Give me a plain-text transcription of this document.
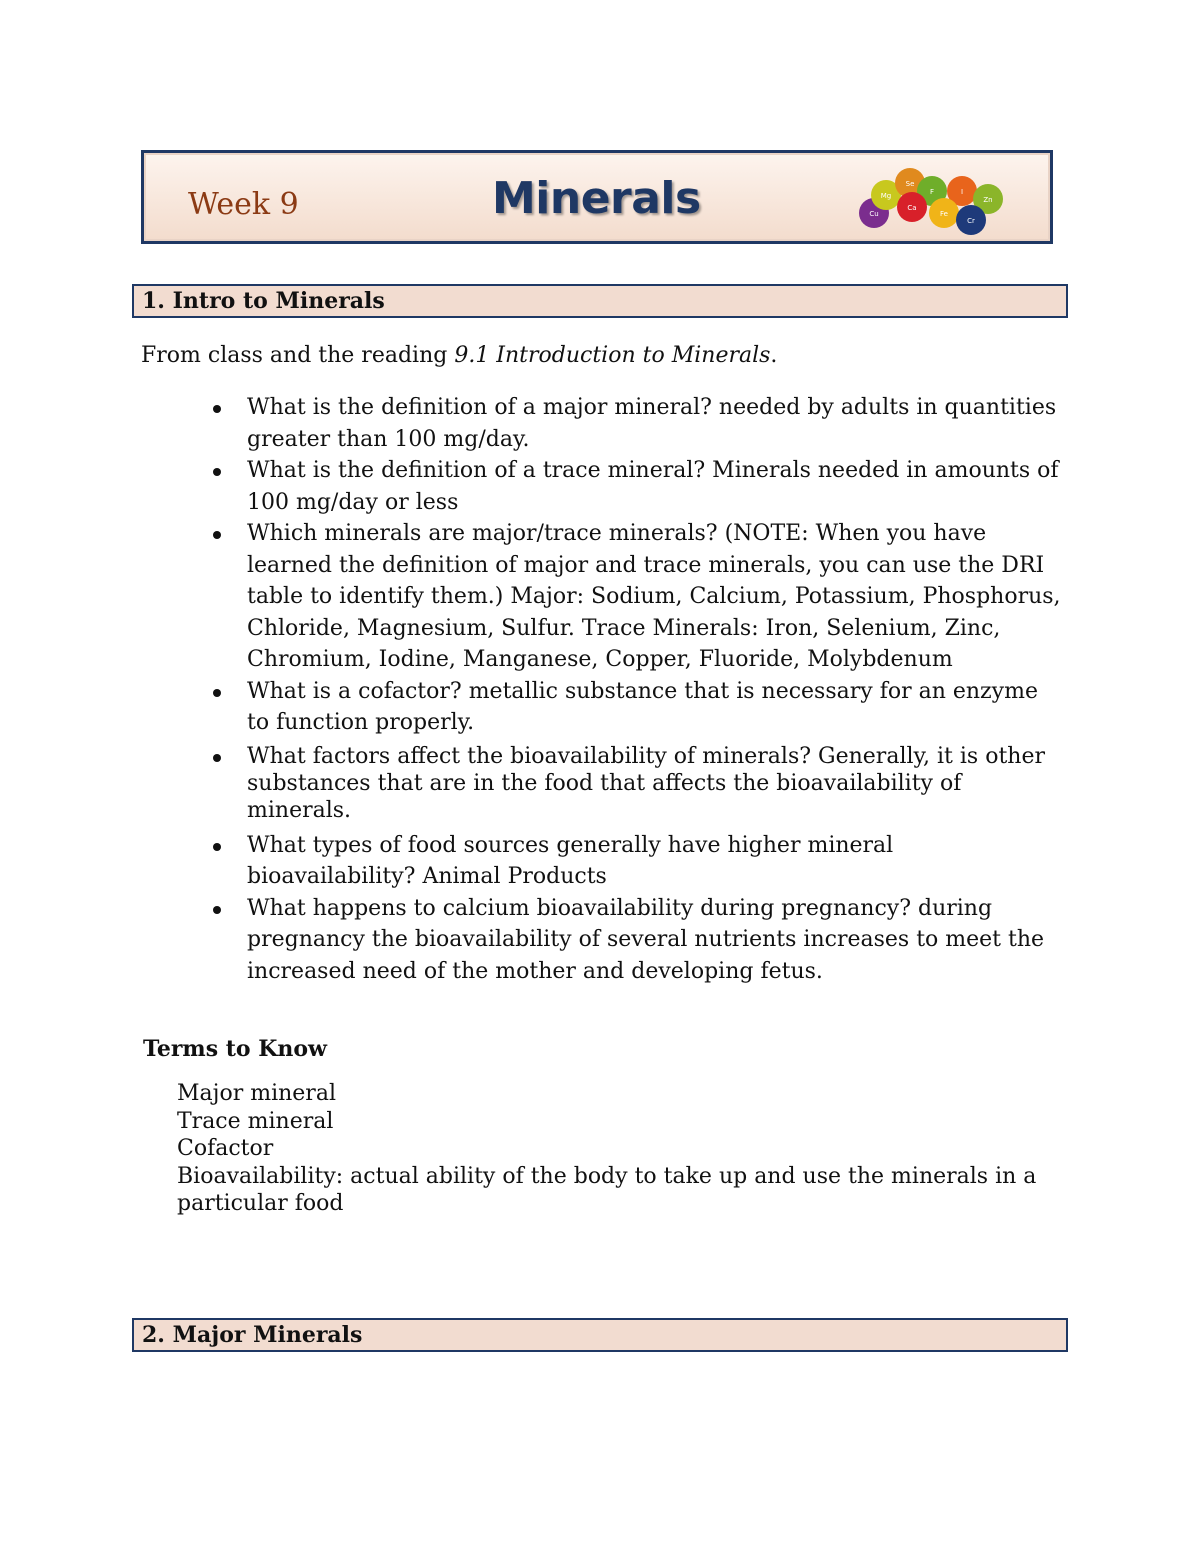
Week 9	Minerals	Mg
Se
F	I
Zn
Cu
Ca
Fe
Cr
1. Intro to Minerals
From class and the reading 9.1 Introduction to Minerals.
What is the definition of a major mineral? needed by adults in quantities greater than 100 mg/day.
What is the definition of a trace mineral? Minerals needed in amounts of 100 mg/day or less
Which minerals are major/trace minerals? (NOTE: When you have learned the definition of major and trace minerals, you can use the DRI table to identify them.) Major: Sodium, Calcium, Potassium, Phosphorus, Chloride, Magnesium, Sulfur. Trace Minerals: Iron, Selenium, Zinc, Chromium, Iodine, Manganese, Copper, Fluoride, Molybdenum
What is a cofactor? metallic substance that is necessary for an enzyme to function properly.
What factors affect the bioavailability of minerals? Generally, it is other substances that are in the food that affects the bioavailability of minerals.
What types of food sources generally have higher mineral bioavailability? Animal Products
What happens to calcium bioavailability during pregnancy? during pregnancy the bioavailability of several nutrients increases to meet the increased need of the mother and developing fetus.
Terms to Know
Major mineral
Trace mineral
Cofactor
Bioavailability: actual ability of the body to take up and use the minerals in a
particular food
2. Major Minerals
